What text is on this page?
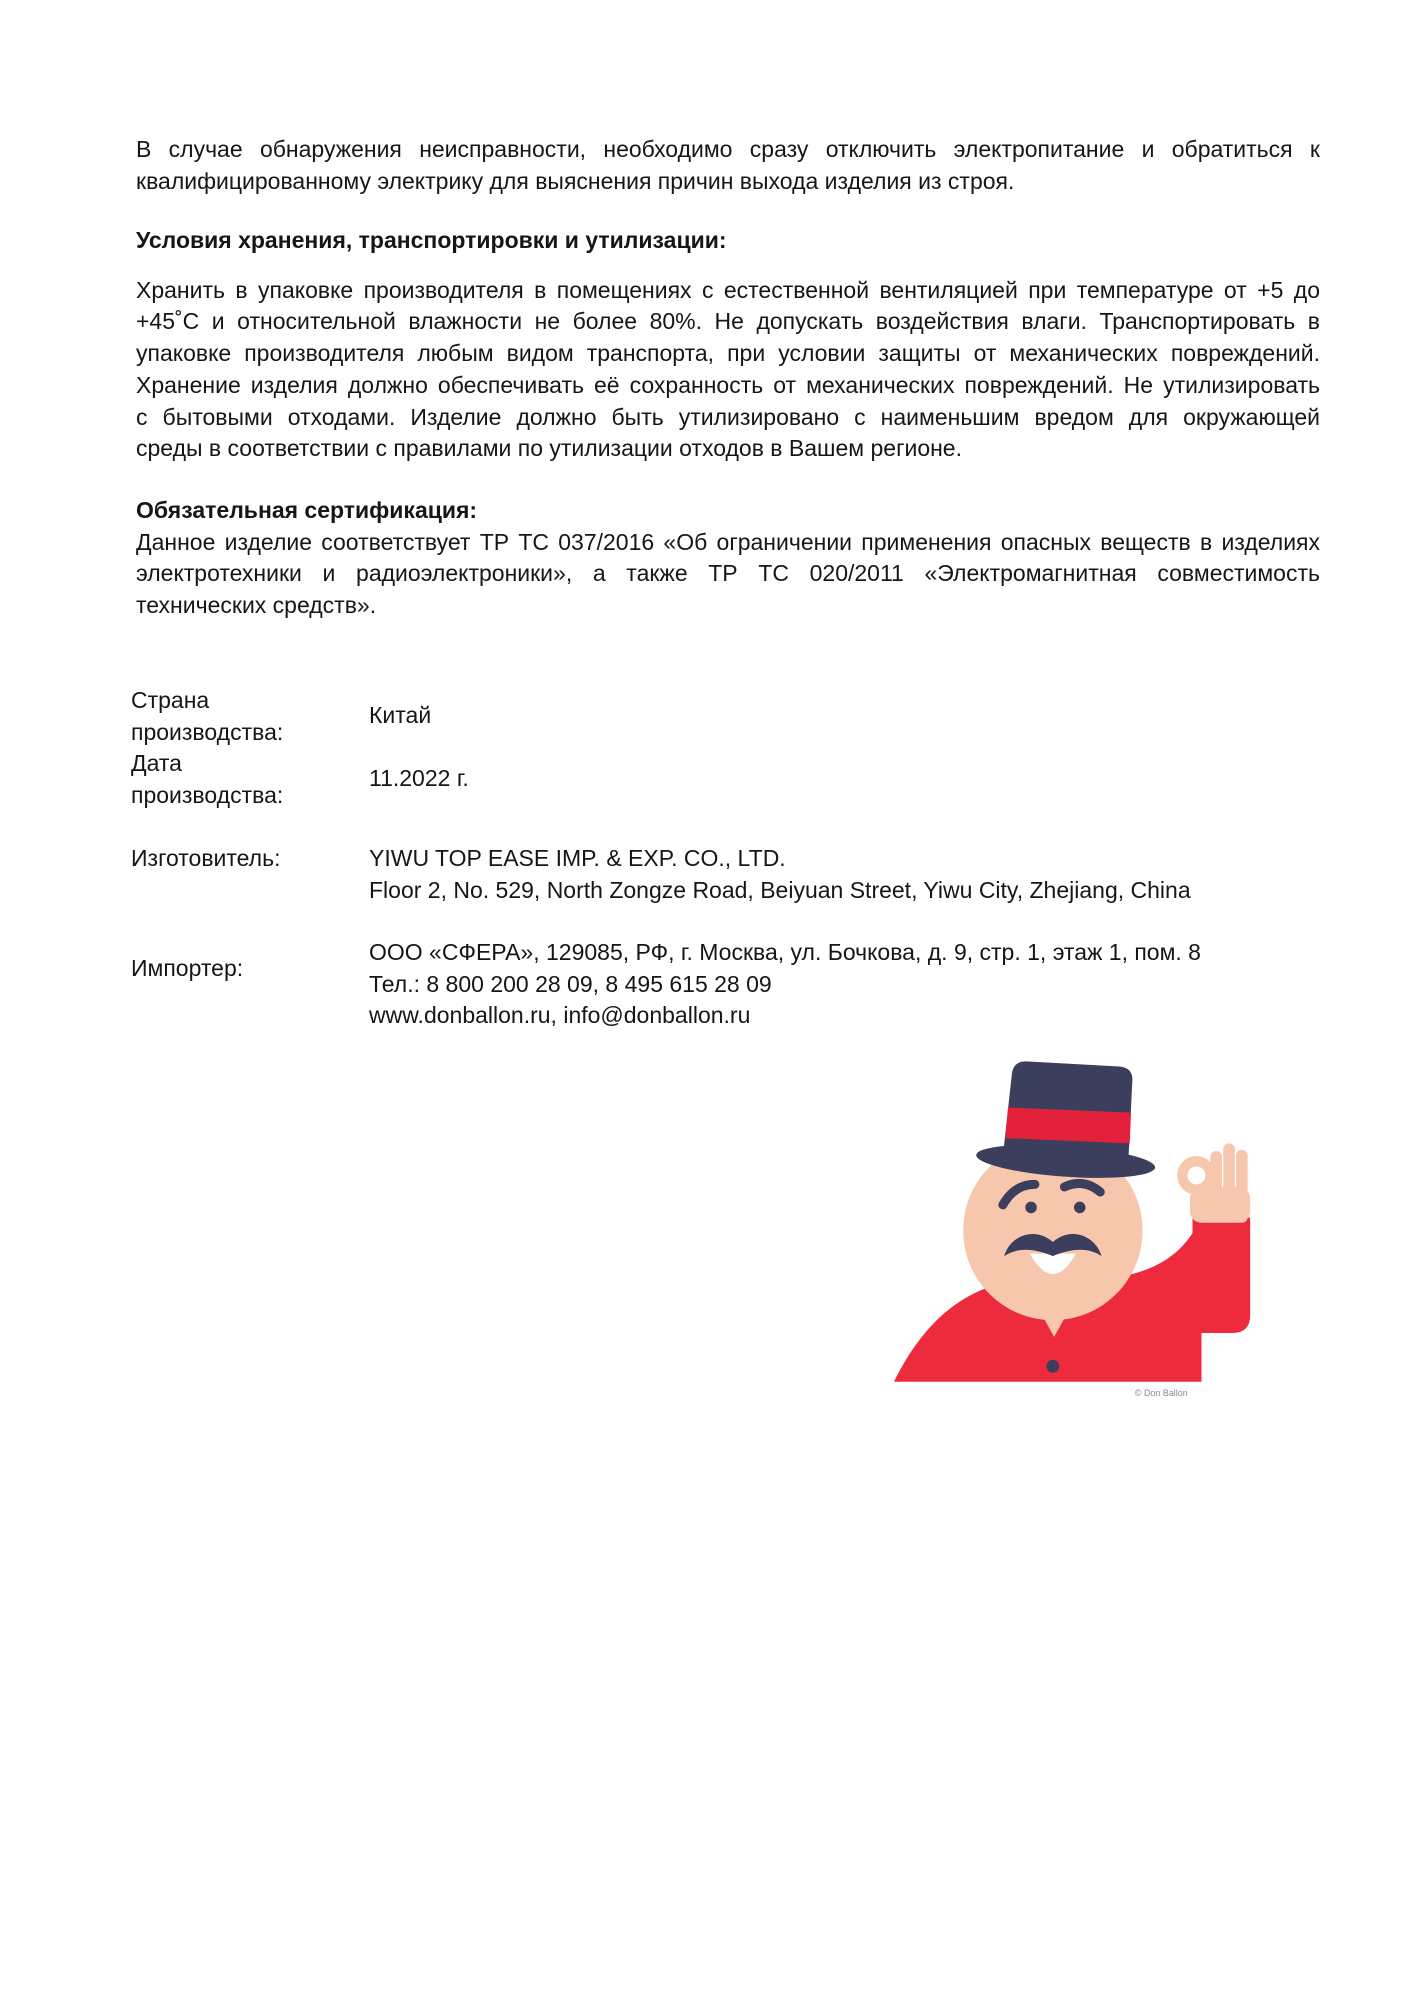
В случае обнаружения неисправности, необходимо сразу отключить электропитание и обратиться к
квалифицированному электрику для выяснения причин выхода изделия из строя.
Условия хранения, транспортировки и утилизации:
Хранить в упаковке производителя в помещениях с естественной вентиляцией при температуре от +5 до
+45˚С и относительной влажности не более 80%. Не допускать воздействия влаги. Транспортировать в
упаковке производителя любым видом транспорта, при условии защиты от механических повреждений.
Хранение изделия должно обеспечивать её сохранность от механических повреждений. Не утилизировать
с бытовыми отходами. Изделие должно быть утилизировано с наименьшим вредом для окружающей
среды в соответствии с правилами по утилизации отходов в Вашем регионе.
Обязательная сертификация:
Данное изделие соответствует ТР ТС 037/2016 «Об ограничении применения опасных веществ в изделиях
электротехники и радиоэлектроники», а также ТР ТС 020/2011 «Электромагнитная совместимость
технических средств».
Страна
производства:
Китай
Дата
производства:
11.2022 г.
Изготовитель:	YIWU TOP EASE IMP. & EXP. CO., LTD.
Floor 2, No. 529, North Zongze Road, Beiyuan Street, Yiwu City, Zhejiang, China
Импортер:
ООО «СФЕРА», 129085, РФ, г. Москва, ул. Бочкова, д. 9, стр. 1, этаж 1, пом. 8
Тел.: 8 800 200 28 09, 8 495 615 28 09
www.donballon.ru, info@donballon.ru
© Don Ballon
